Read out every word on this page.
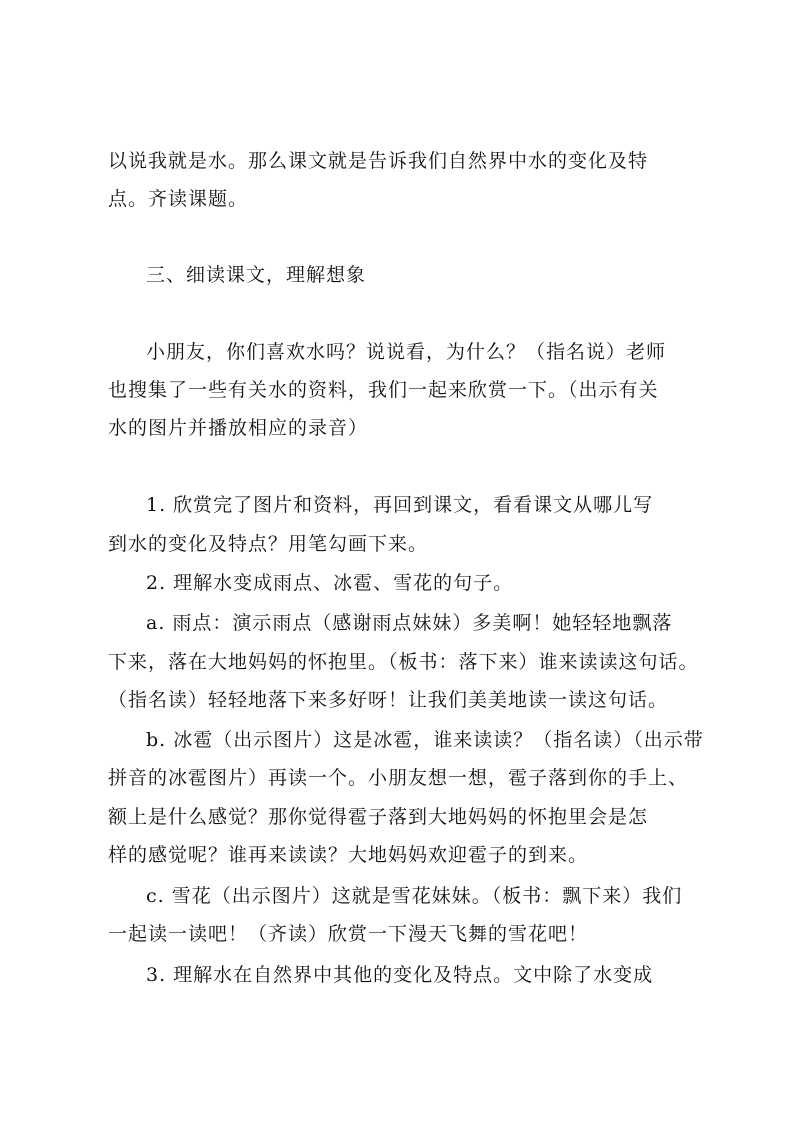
以说我就是水。那么课文就是告诉我们自然界中水的变化及特
点。齐读课题。
三、细读课文，理解想象
小朋友，你们喜欢水吗？说说看，为什么？（指名说）老师
也搜集了一些有关水的资料，我们一起来欣赏一下。（出示有关
水的图片并播放相应的录音）
1. 欣赏完了图片和资料，再回到课文，看看课文从哪儿写
到水的变化及特点？用笔勾画下来。
2. 理解水变成雨点、冰雹、雪花的句子。
a. 雨点：演示雨点（感谢雨点妹妹）多美啊！她轻轻地飘落
下来，落在大地妈妈的怀抱里。（板书：落下来）谁来读读这句话。
（指名读）轻轻地落下来多好呀！让我们美美地读一读这句话。
b. 冰雹（出示图片）这是冰雹，谁来读读？（指名读）（出示带
拼音的冰雹图片）再读一个。小朋友想一想，雹子落到你的手上、
额上是什么感觉？那你觉得雹子落到大地妈妈的怀抱里会是怎
样的感觉呢？谁再来读读？大地妈妈欢迎雹子的到来。
c. 雪花（出示图片）这就是雪花妹妹。（板书：飘下来）我们
一起读一读吧！（齐读）欣赏一下漫天飞舞的雪花吧！
3. 理解水在自然界中其他的变化及特点。文中除了水变成
